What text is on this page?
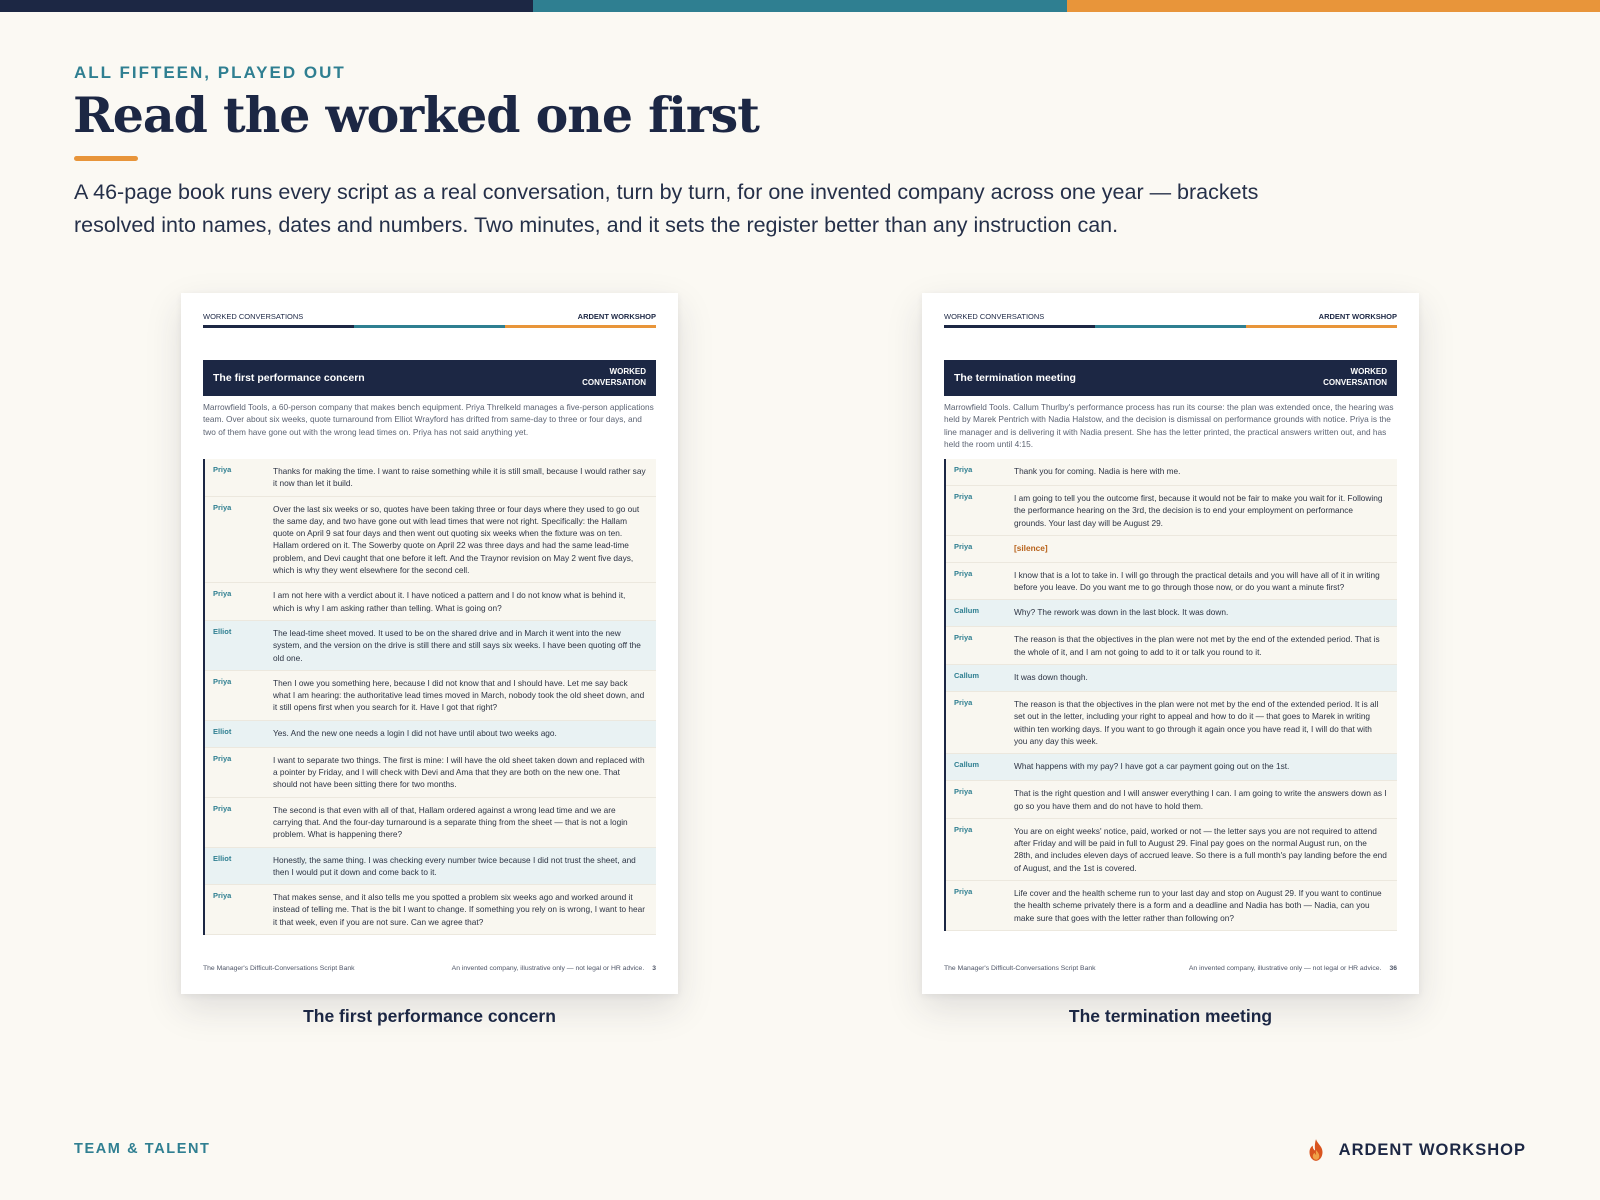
ALL FIFTEEN, PLAYED OUT
Read the worked one first

A 46-page book runs every script as a real conversation, turn by turn, for one invented company across one year — brackets resolved into names, dates and numbers. Two minutes, and it sets the register better than any instruction can.

WORKED CONVERSATIONS	ARDENT WORKSHOP
The first performance concern
WORKED CONVERSATION
Marrowfield Tools, a 60-person company that makes bench equipment. Priya Threlkeld manages a five-person applications team. Over about six weeks, quote turnaround from Elliot Wrayford has drifted from same-day to three or four days, and two of them have gone out with the wrong lead times on. Priya has not said anything yet.
Priya	Thanks for making the time. I want to raise something while it is still small, because I would rather say it now than let it build.
Priya	Over the last six weeks or so, quotes have been taking three or four days where they used to go out the same day, and two have gone out with lead times that were not right. Specifically: the Hallam quote on April 9 sat four days and then went out quoting six weeks when the fixture was on ten. Hallam ordered on it. The Sowerby quote on April 22 was three days and had the same lead-time problem, and Devi caught that one before it left. And the Traynor revision on May 2 went five days, which is why they went elsewhere for the second cell.
Priya	I am not here with a verdict about it. I have noticed a pattern and I do not know what is behind it, which is why I am asking rather than telling. What is going on?
Elliot	The lead-time sheet moved. It used to be on the shared drive and in March it went into the new system, and the version on the drive is still there and still says six weeks. I have been quoting off the old one.
Priya	Then I owe you something here, because I did not know that and I should have. Let me say back what I am hearing: the authoritative lead times moved in March, nobody took the old sheet down, and it still opens first when you search for it. Have I got that right?
Elliot	Yes. And the new one needs a login I did not have until about two weeks ago.
Priya	I want to separate two things. The first is mine: I will have the old sheet taken down and replaced with a pointer by Friday, and I will check with Devi and Ama that they are both on the new one. That should not have been sitting there for two months.
Priya	The second is that even with all of that, Hallam ordered against a wrong lead time and we are carrying that. And the four-day turnaround is a separate thing from the sheet — that is not a login problem. What is happening there?
Elliot	Honestly, the same thing. I was checking every number twice because I did not trust the sheet, and then I would put it down and come back to it.
Priya	That makes sense, and it also tells me you spotted a problem six weeks ago and worked around it instead of telling me. That is the bit I want to change. If something you rely on is wrong, I want to hear it that week, even if you are not sure. Can we agree that?
The Manager's Difficult-Conversations Script Bank	An invented company, illustrative only — not legal or HR advice. 3
The first performance concern
WORKED CONVERSATIONS	ARDENT WORKSHOP
The termination meeting
WORKED CONVERSATION
Marrowfield Tools. Callum Thurlby's performance process has run its course: the plan was extended once, the hearing was held by Marek Pentrich with Nadia Halstow, and the decision is dismissal on performance grounds with notice. Priya is the line manager and is delivering it with Nadia present. She has the letter printed, the practical answers written out, and has held the room until 4:15.
Priya	Thank you for coming. Nadia is here with me.
Priya	I am going to tell you the outcome first, because it would not be fair to make you wait for it. Following the performance hearing on the 3rd, the decision is to end your employment on performance grounds. Your last day will be August 29.
Priya	[silence]
Priya	I know that is a lot to take in. I will go through the practical details and you will have all of it in writing before you leave. Do you want me to go through those now, or do you want a minute first?
Callum	Why? The rework was down in the last block. It was down.
Priya	The reason is that the objectives in the plan were not met by the end of the extended period. That is the whole of it, and I am not going to add to it or talk you round to it.
Callum	It was down though.
Priya	The reason is that the objectives in the plan were not met by the end of the extended period. It is all set out in the letter, including your right to appeal and how to do it — that goes to Marek in writing within ten working days. If you want to go through it again once you have read it, I will do that with you any day this week.
Callum	What happens with my pay? I have got a car payment going out on the 1st.
Priya	That is the right question and I will answer everything I can. I am going to write the answers down as I go so you have them and do not have to hold them.
Priya	You are on eight weeks' notice, paid, worked or not — the letter says you are not required to attend after Friday and will be paid in full to August 29. Final pay goes on the normal August run, on the 28th, and includes eleven days of accrued leave. So there is a full month's pay landing before the end of August, and the 1st is covered.
Priya	Life cover and the health scheme run to your last day and stop on August 29. If you want to continue the health scheme privately there is a form and a deadline and Nadia has both — Nadia, can you make sure that goes with the letter rather than following on?
The Manager's Difficult-Conversations Script Bank	An invented company, illustrative only — not legal or HR advice. 36
The termination meeting
TEAM & TALENT	ARDENT WORKSHOP
